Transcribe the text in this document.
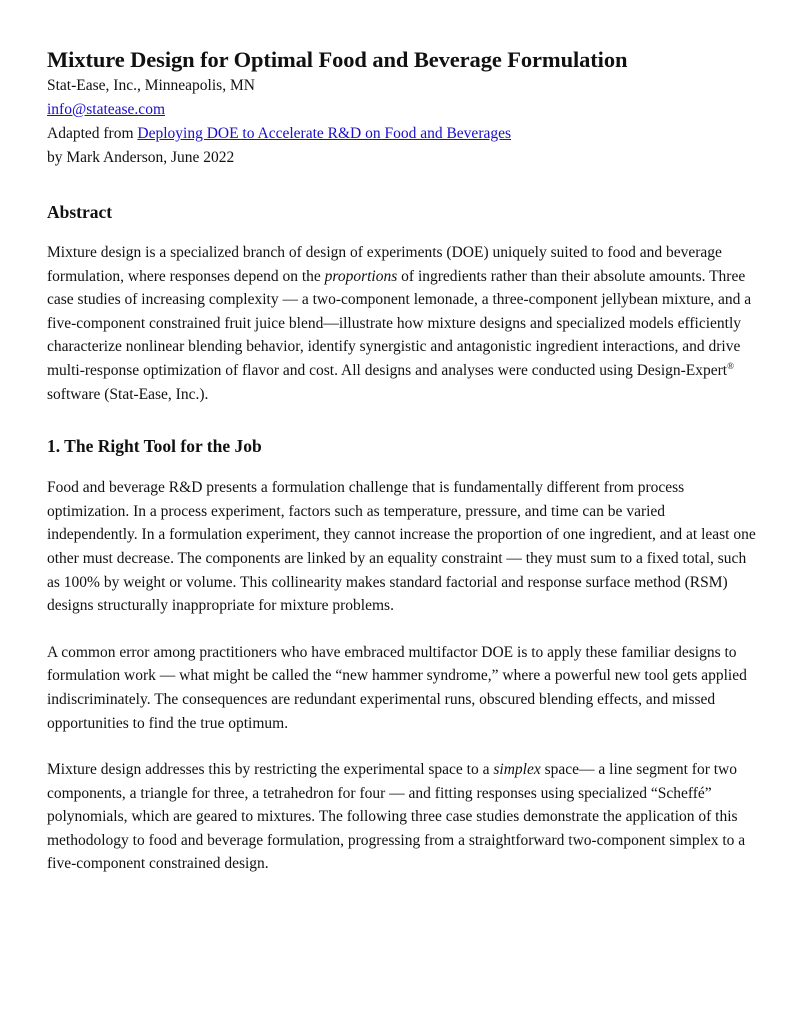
Mixture Design for Optimal Food and Beverage Formulation
Stat-Ease, Inc., Minneapolis, MN
info@statease.com
Adapted from Deploying DOE to Accelerate R&D on Food and Beverages
by Mark Anderson, June 2022
Abstract

Mixture design is a specialized branch of design of experiments (DOE) uniquely suited to food and beverage formulation, where responses depend on the proportions of ingredients rather than their absolute amounts. Three case studies of increasing complexity — a two-component lemonade, a three-component jellybean mixture, and a five-component constrained fruit juice blend—illustrate how mixture designs and specialized models efficiently characterize nonlinear blending behavior, identify synergistic and antagonistic ingredient interactions, and drive multi-response optimization of flavor and cost. All designs and analyses were conducted using Design-Expert® software (Stat-Ease, Inc.).

1. The Right Tool for the Job

Food and beverage R&D presents a formulation challenge that is fundamentally different from process optimization. In a process experiment, factors such as temperature, pressure, and time can be varied independently. In a formulation experiment, they cannot increase the proportion of one ingredient, and at least one other must decrease. The components are linked by an equality constraint — they must sum to a fixed total, such as 100% by weight or volume. This collinearity makes standard factorial and response surface method (RSM) designs structurally inappropriate for mixture problems.

A common error among practitioners who have embraced multifactor DOE is to apply these familiar designs to formulation work — what might be called the “new hammer syndrome,” where a powerful new tool gets applied indiscriminately. The consequences are redundant experimental runs, obscured blending effects, and missed opportunities to find the true optimum.

Mixture design addresses this by restricting the experimental space to a simplex space— a line segment for two components, a triangle for three, a tetrahedron for four — and fitting responses using specialized “Scheffé” polynomials, which are geared to mixtures. The following three case studies demonstrate the application of this methodology to food and beverage formulation, progressing from a straightforward two-component simplex to a five-component constrained design.
